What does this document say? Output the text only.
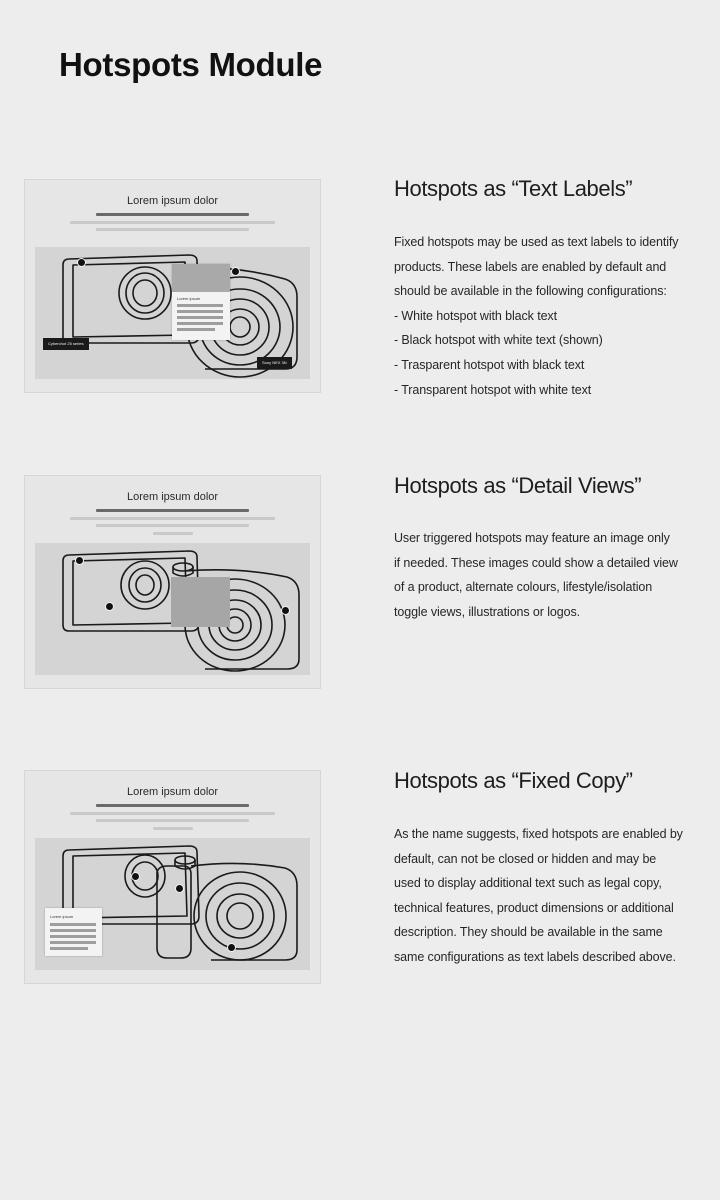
Hotspots Module
Lorem ipsum dolor
Cyberchot 25 series
Sony NEX 3N
Lorem ipsum
Hotspots as “Text Labels”
Fixed hotspots may be used as text labels to identify
products. These labels are enabled by default and
should be available in the following configurations:
- White hotspot with black text
- Black hotspot with white text (shown)
- Trasparent hotspot with black text
- Transparent hotspot with white text
Lorem ipsum dolor	Hotspots as “Detail Views”
User triggered hotspots may feature an image only
if needed. These images could show a detailed view
of a product, alternate colours, lifestyle/isolation
toggle views, illustrations or logos.
Lorem ipsum dolor
Lorem ipsum
Hotspots as “Fixed Copy”
As the name suggests, fixed hotspots are enabled by
default, can not be closed or hidden and may be
used to display additional text such as legal copy,
technical features, product dimensions or additional
description. They should be available in the same
same configurations as text labels described above.
